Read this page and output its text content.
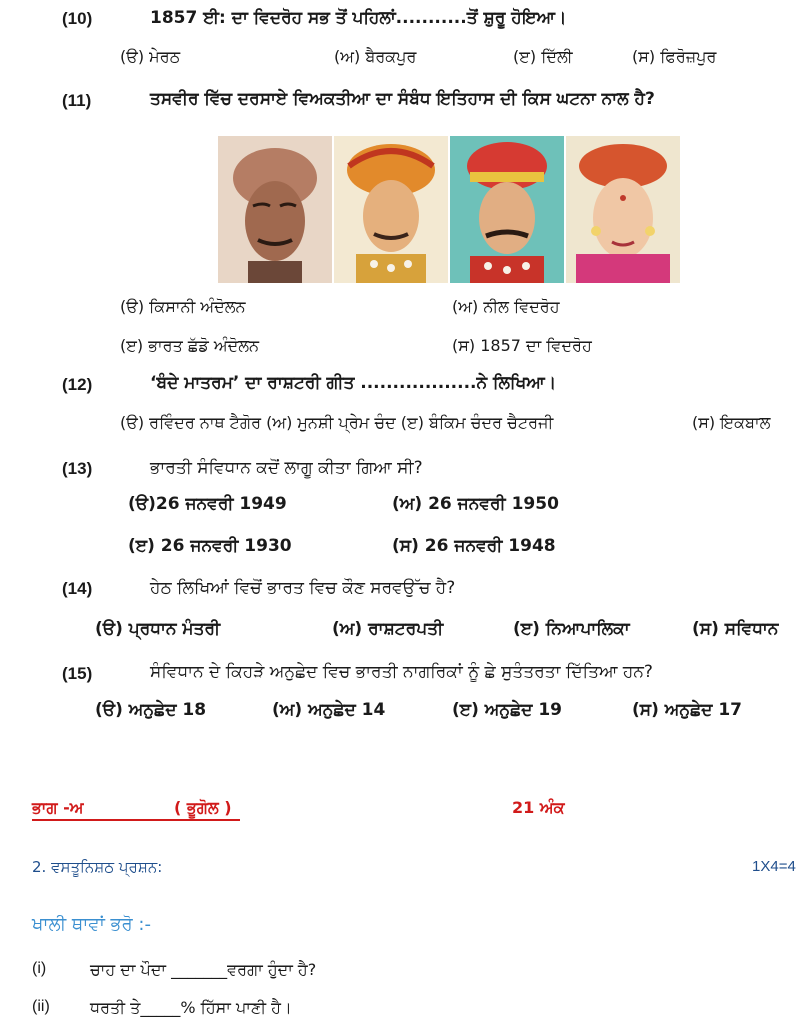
(10)	1857 ਈ: ਦਾ ਵਿਦਰੋਹ ਸਭ ਤੋਂ ਪਹਿਲਾਂ...........ਤੋਂ ਸ਼ੁਰੂ ਹੋਇਆ।
(ੳ) ਮੇਰਠ	(ਅ) ਬੈਰਕਪੁਰ	(ੲ) ਦਿੱਲੀ	(ਸ) ਫਿਰੋਜ਼ਪੁਰ
(11)	ਤਸਵੀਰ ਵਿੱਚ ਦਰਸਾਏ ਵਿਅਕਤੀਆ ਦਾ ਸੰਬੰਧ ਇਤਿਹਾਸ ਦੀ ਕਿਸ ਘਟਨਾ ਨਾਲ ਹੈ?
(ੳ) ਕਿਸਾਨੀ ਅੰਦੋਲਨ	(ਅ) ਨੀਲ ਵਿਦਰੋਹ
(ੲ) ਭਾਰਤ ਛੱਡੋ ਅੰਦੋਲਨ	(ਸ) 1857 ਦਾ ਵਿਦਰੋਹ
(12)	‘ਬੰਦੇ ਮਾਤਰਮ’ ਦਾ ਰਾਸ਼ਟਰੀ ਗੀਤ ..................ਨੇ ਲਿਖਿਆ।
(ੳ) ਰਵਿੰਦਰ ਨਾਥ ਟੈਗੋਰ (ਅ) ਮੁਨਸ਼ੀ ਪ੍ਰੇਮ ਚੰਦ (ੲ) ਬੰਕਿਮ ਚੰਦਰ ਚੈਟਰਜੀ	(ਸ) ਇਕਬਾਲ
(13)	ਭਾਰਤੀ ਸੰਵਿਧਾਨ ਕਦੋਂ ਲਾਗੂ ਕੀਤਾ ਗਿਆ ਸੀ?
(ੳ)26 ਜਨਵਰੀ 1949	(ਅ) 26 ਜਨਵਰੀ 1950
(ੲ) 26 ਜਨਵਰੀ 1930	(ਸ) 26 ਜਨਵਰੀ 1948
(14)	ਹੇਠ ਲਿਖਿਆਂ ਵਿਚੋਂ ਭਾਰਤ ਵਿਚ ਕੌਣ ਸਰਵਉੱਚ ਹੈ?
(ੳ) ਪ੍ਰਧਾਨ ਮੰਤਰੀ	(ਅ) ਰਾਸ਼ਟਰਪਤੀ	(ੲ) ਨਿਆਪਾਲਿਕਾ	(ਸ) ਸਵਿਧਾਨ
(15)	ਸੰਵਿਧਾਨ ਦੇ ਕਿਹੜੇ ਅਨੁਛੇਦ ਵਿਚ ਭਾਰਤੀ ਨਾਗਰਿਕਾਂ ਨੂੰ ਛੇ ਸੁਤੰਤਰਤਾ ਦਿੱਤਿਆ ਹਨ?
(ੳ) ਅਨੁਛੇਦ 18	(ਅ) ਅਨੁਛੇਦ 14	(ੲ) ਅਨੁਛੇਦ 19	(ਸ) ਅਨੁਛੇਦ 17
ਭਾਗ -ਅ	( ਭੂਗੋਲ )	21 ਅੰਕ
2. ਵਸਤੂਨਿਸ਼ਠ ਪ੍ਰਸ਼ਨ:	1X4=4
ਖਾਲੀ ਥਾਵਾਂ ਭਰੋ :-
(i)	ਚਾਹ ਦਾ ਪੌਦਾ _______ਵਰਗਾ ਹੁੰਦਾ ਹੈ?
(ii)	ਧਰਤੀ ਤੇ_____% ਹਿੱਸਾ ਪਾਣੀ ਹੈ।
